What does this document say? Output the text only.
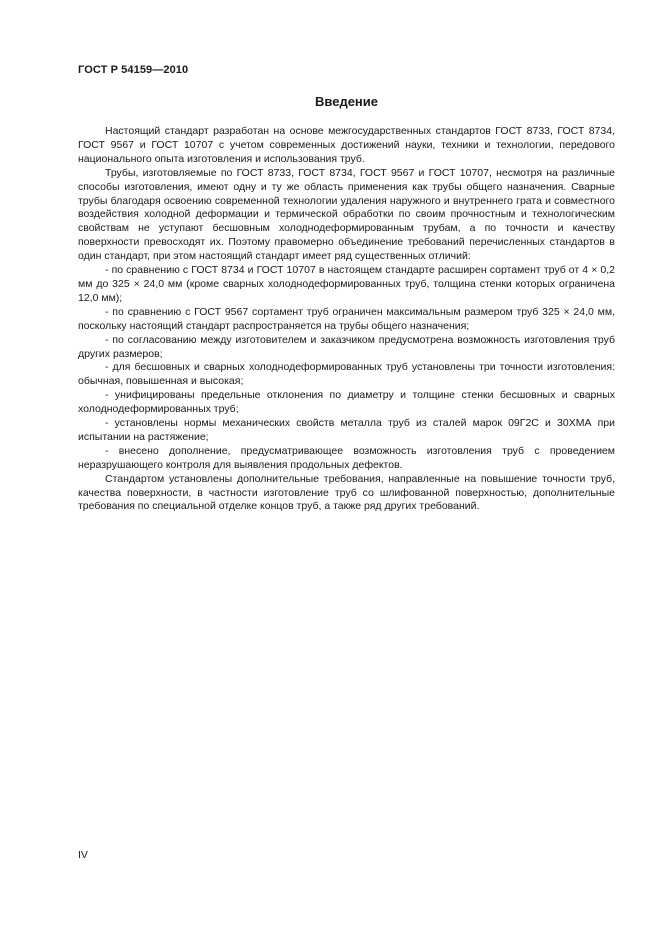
ГОСТ Р 54159—2010
Введение

Настоящий стандарт разработан на основе межгосударственных стандартов ГОСТ 8733, ГОСТ 8734, ГОСТ 9567 и ГОСТ 10707 с учетом современных достижений науки, техники и технологии, передового национального опыта изготовления и использования труб.

Трубы, изготовляемые по ГОСТ 8733, ГОСТ 8734, ГОСТ 9567 и ГОСТ 10707, несмотря на различные способы изготовления, имеют одну и ту же область применения как трубы общего назначения. Сварные трубы благодаря освоению современной технологии удаления наружного и внутреннего грата и совместного воздействия холодной деформации и термической обработки по своим прочностным и технологическим свойствам не уступают бесшовным холоднодеформированным трубам, а по точности и качеству поверхности превосходят их. Поэтому правомерно объединение требований перечисленных стандартов в один стандарт, при этом настоящий стандарт имеет ряд существенных отличий:

- по сравнению с ГОСТ 8734 и ГОСТ 10707 в настоящем стандарте расширен сортамент труб от 4 × 0,2 мм до 325 × 24,0 мм (кроме сварных холоднодеформированных труб, толщина стенки которых ограничена 12,0 мм);

- по сравнению с ГОСТ 9567 сортамент труб ограничен максимальным размером труб 325 × 24,0 мм, поскольку настоящий стандарт распространяется на трубы общего назначения;

- по согласованию между изготовителем и заказчиком предусмотрена возможность изготовления труб других размеров;

- для бесшовных и сварных холоднодеформированных труб установлены три точности изготовления: обычная, повышенная и высокая;

- унифицированы предельные отклонения по диаметру и толщине стенки бесшовных и сварных холоднодеформированных труб;

- установлены нормы механических свойств металла труб из сталей марок 09Г2С и 30ХМА при испытании на растяжение;

- внесено дополнение, предусматривающее возможность изготовления труб с проведением неразрушающего контроля для выявления продольных дефектов.

Стандартом установлены дополнительные требования, направленные на повышение точности труб, качества поверхности, в частности изготовление труб со шлифованной поверхностью, дополнительные требования по специальной отделке концов труб, а также ряд других требований.

IV
